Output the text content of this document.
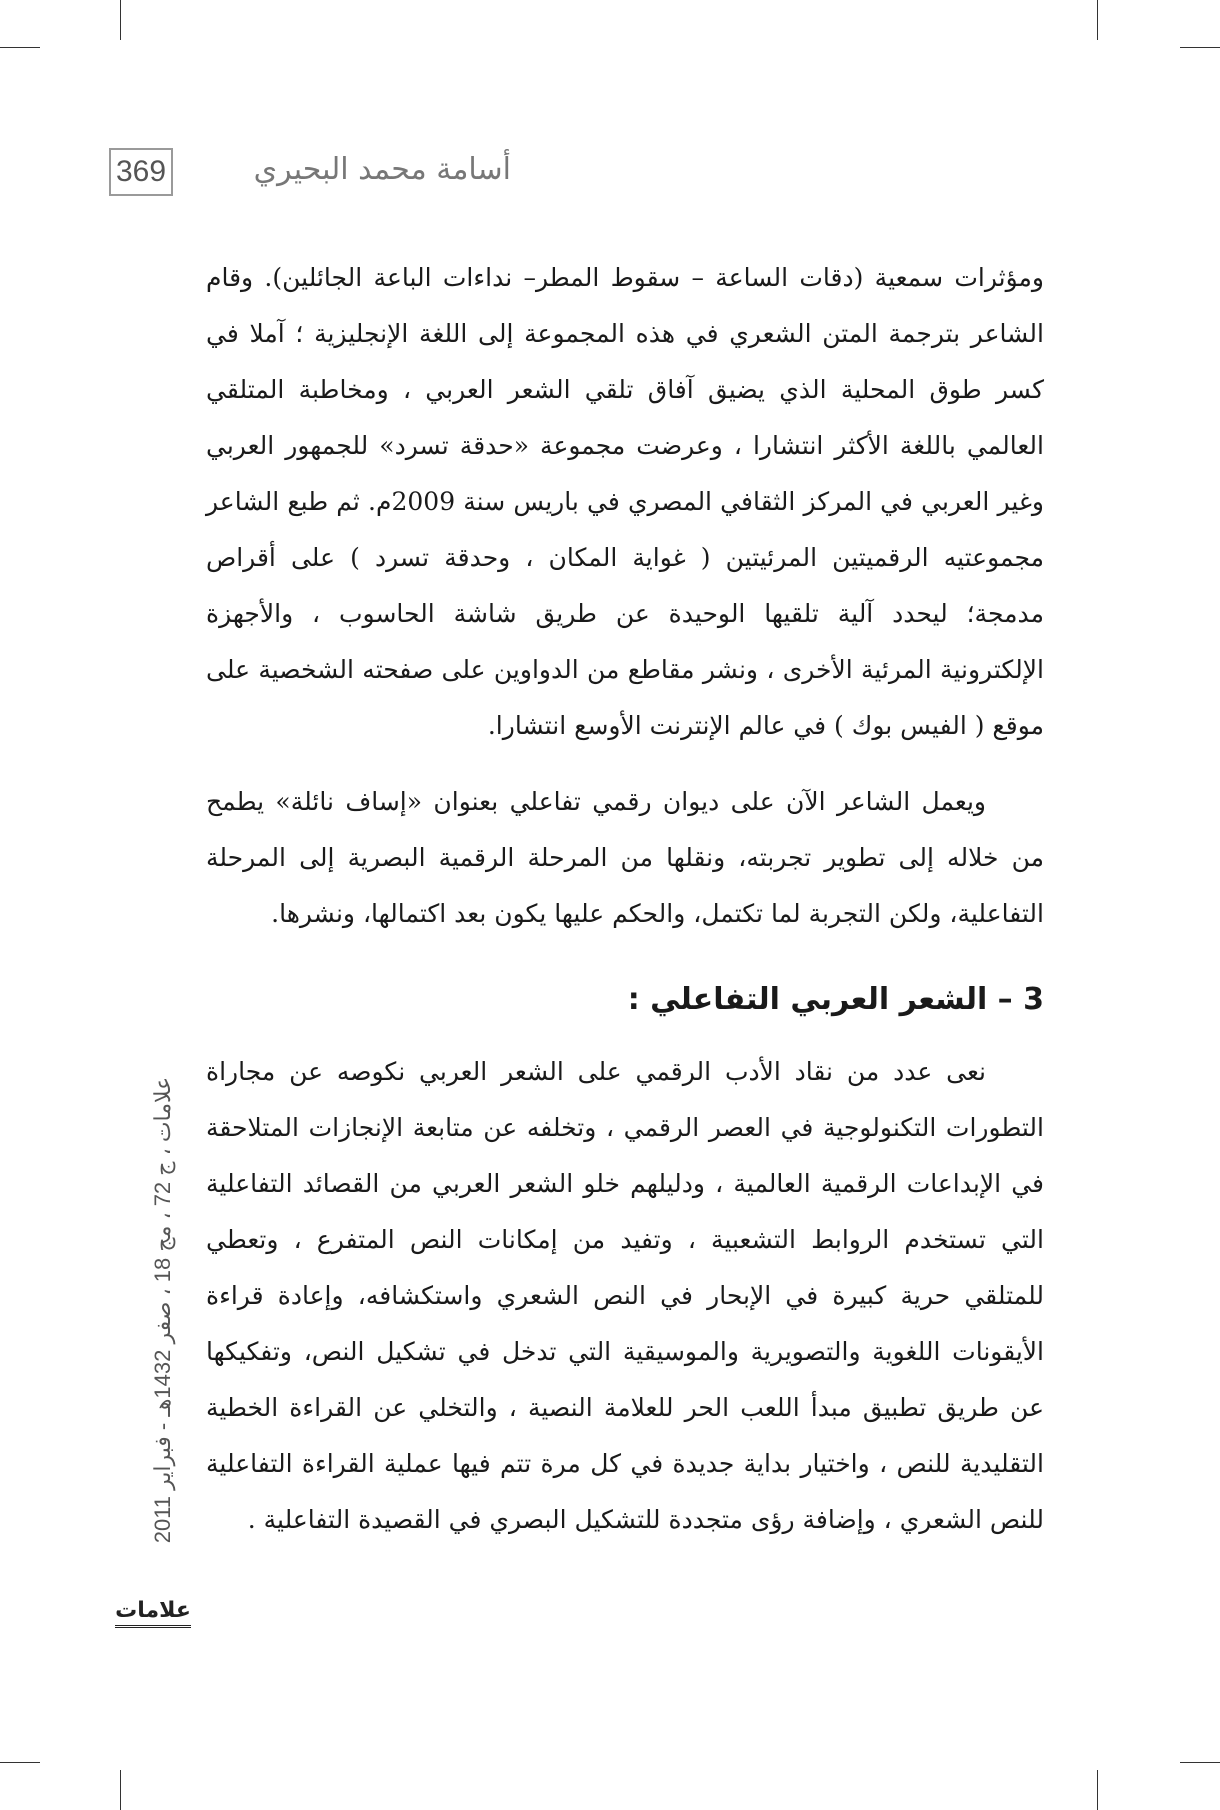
369	أسامة محمد البحيري

ومؤثرات سمعية (دقات الساعة – سقوط المطر– نداءات الباعة الجائلين). وقام الشاعر بترجمة المتن الشعري في هذه المجموعة إلى اللغة الإنجليزية ؛ آملا في كسر طوق المحلية الذي يضيق آفاق تلقي الشعر العربي ، ومخاطبة المتلقي العالمي باللغة الأكثر انتشارا ، وعرضت مجموعة «حدقة تسرد» للجمهور العربي وغير العربي في المركز الثقافي المصري في باريس سنة 2009م. ثم طبع الشاعر مجموعتيه الرقميتين المرئيتين ( غواية المكان ، وحدقة تسرد ) على أقراص مدمجة؛ ليحدد آلية تلقيها الوحيدة عن طريق شاشة الحاسوب ، والأجهزة الإلكترونية المرئية الأخرى ، ونشر مقاطع من الدواوين على صفحته الشخصية على موقع ( الفيس بوك ) في عالم الإنترنت الأوسع انتشارا.

ويعمل الشاعر الآن على ديوان رقمي تفاعلي بعنوان «إساف نائلة» يطمح من خلاله إلى تطوير تجربته، ونقلها من المرحلة الرقمية البصرية إلى المرحلة التفاعلية، ولكن التجربة لما تكتمل، والحكم عليها يكون بعد اكتمالها، ونشرها.

3 – الشعر العربي التفاعلي :

نعى عدد من نقاد الأدب الرقمي على الشعر العربي نكوصه عن مجاراة التطورات التكنولوجية في العصر الرقمي ، وتخلفه عن متابعة الإنجازات المتلاحقة في الإبداعات الرقمية العالمية ، ودليلهم خلو الشعر العربي من القصائد التفاعلية التي تستخدم الروابط التشعبية ، وتفيد من إمكانات النص المتفرع ، وتعطي للمتلقي حرية كبيرة في الإبحار في النص الشعري واستكشافه، وإعادة قراءة الأيقونات اللغوية والتصويرية والموسيقية التي تدخل في تشكيل النص، وتفكيكها عن طريق تطبيق مبدأ اللعب الحر للعلامة النصية ، والتخلي عن القراءة الخطية التقليدية للنص ، واختيار بداية جديدة في كل مرة تتم فيها عملية القراءة التفاعلية للنص الشعري ، وإضافة رؤى متجددة للتشكيل البصري في القصيدة التفاعلية .

علامات ، ج 72 ، مج 18 ، صفر 1432هـ - فبراير 2011
علامات
